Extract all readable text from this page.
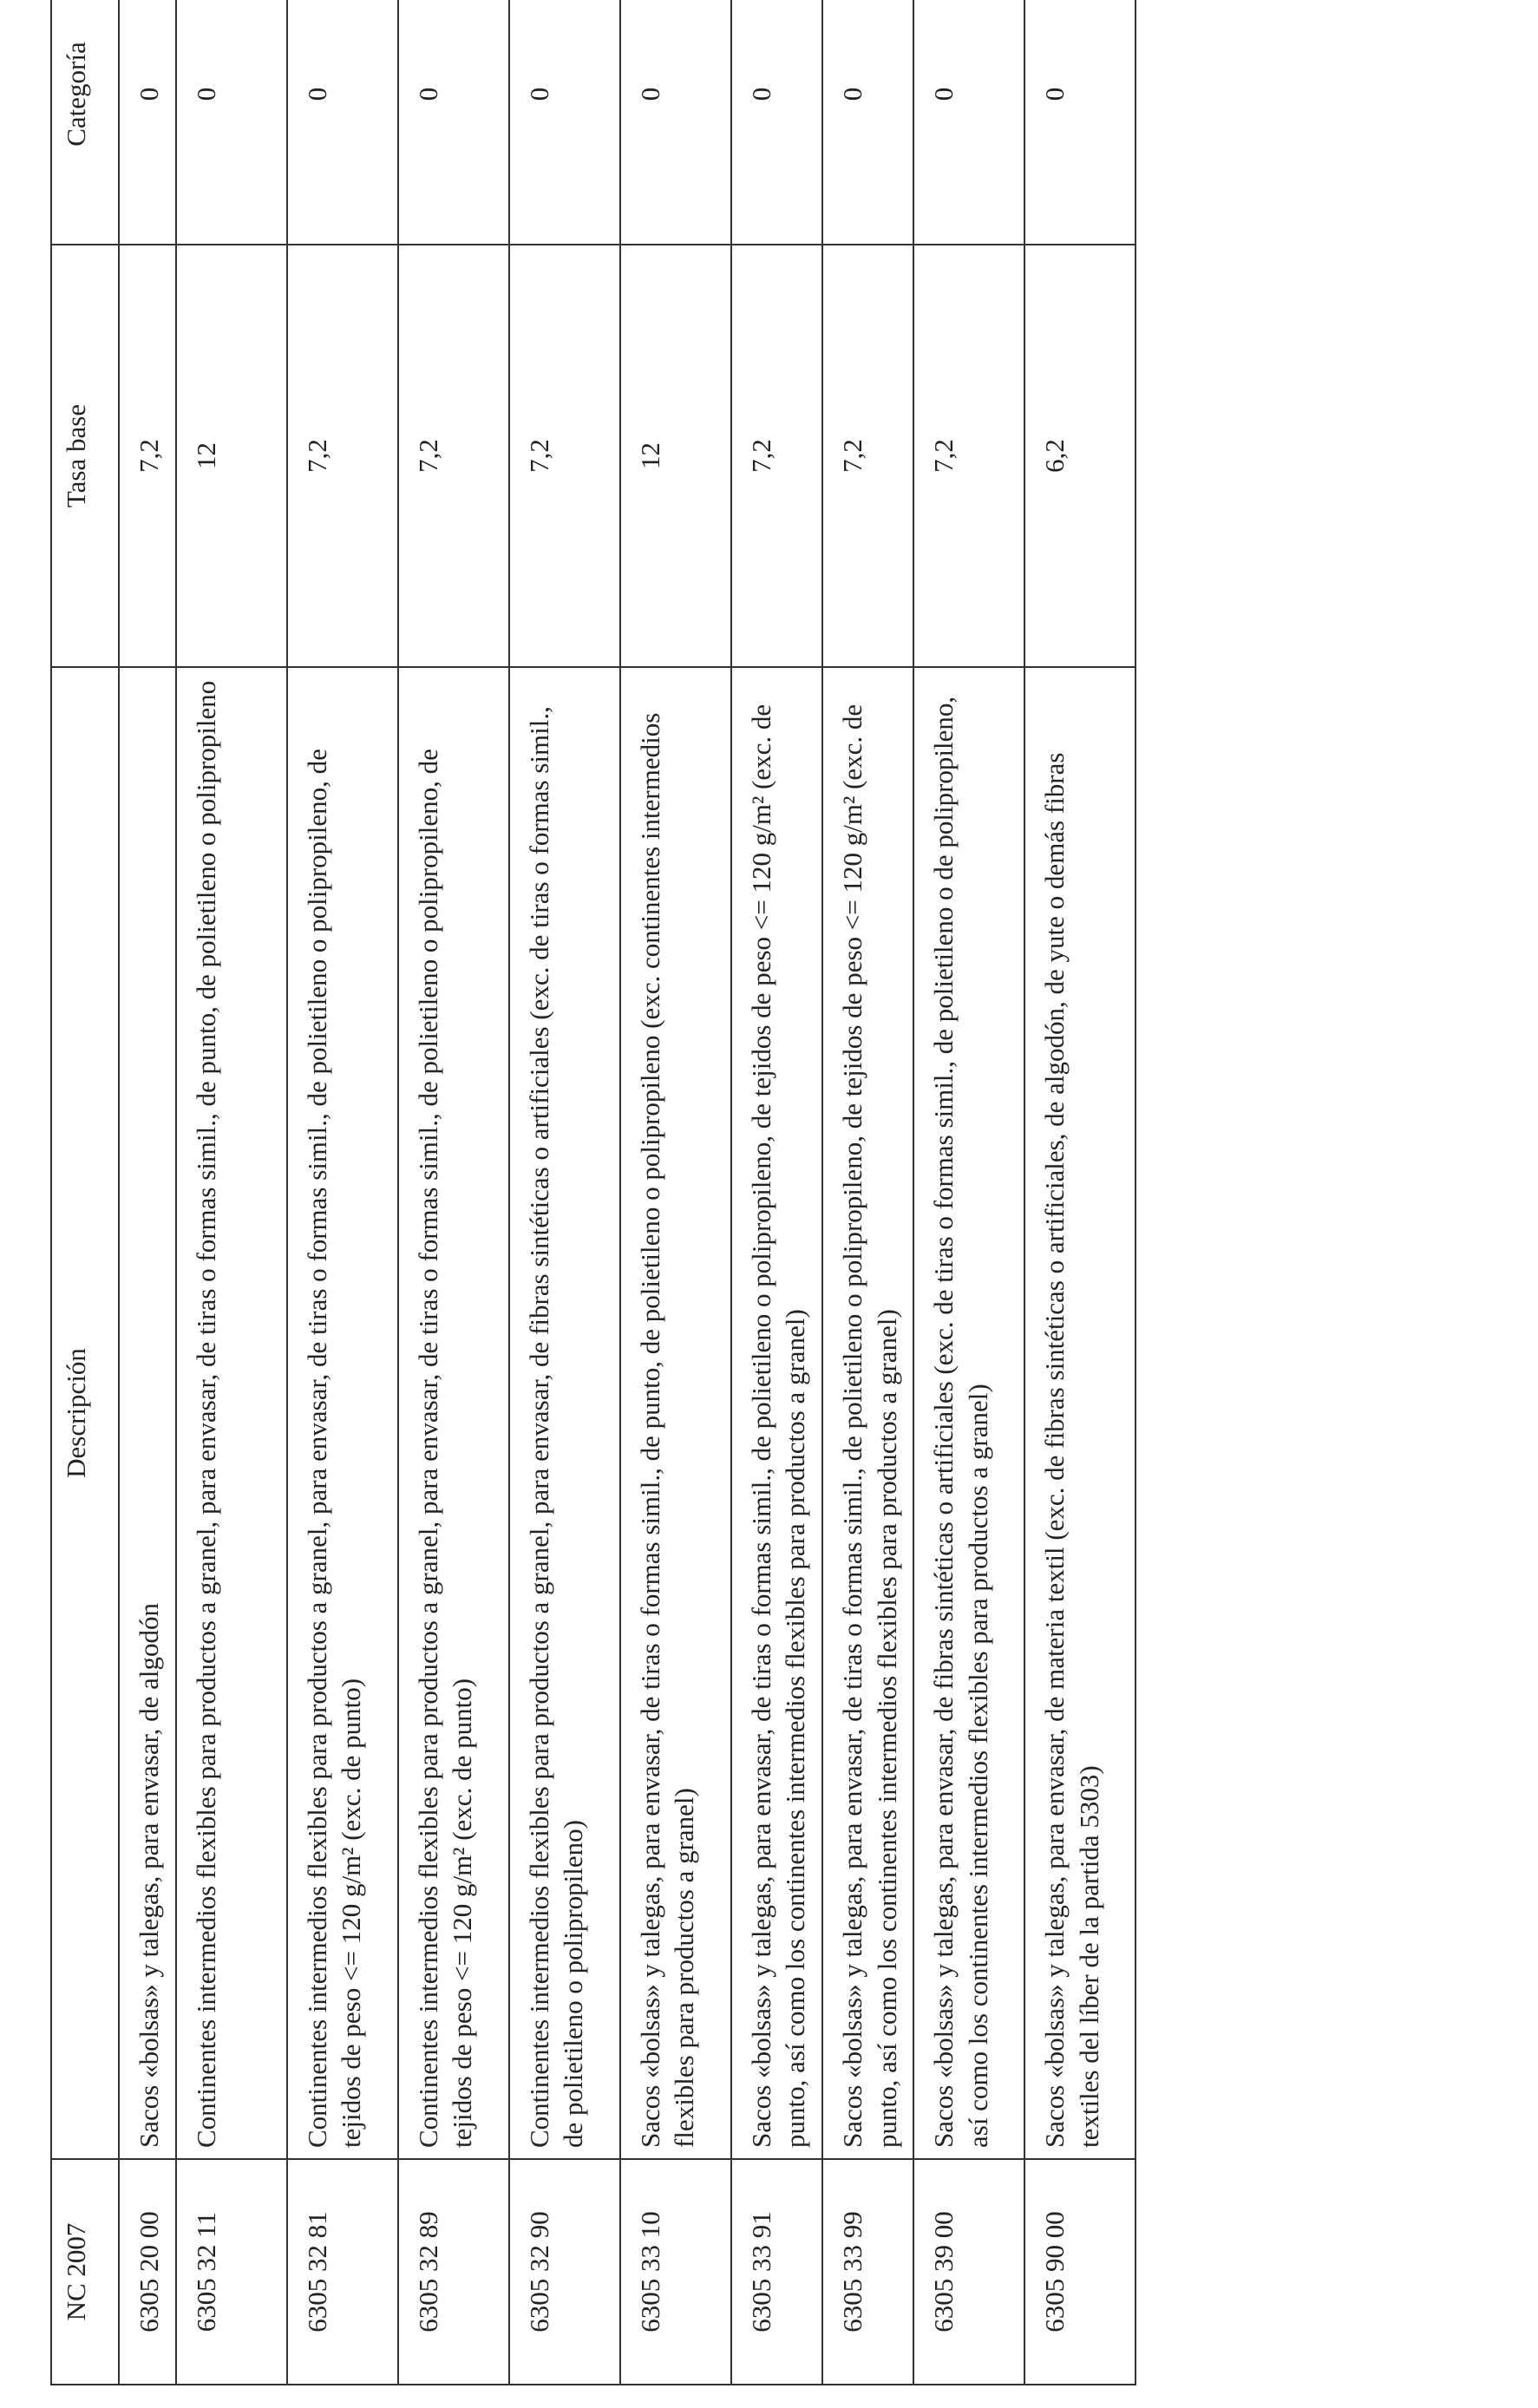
NC 2007	Descripción	Tasa base	Categoría
6305 20 00	Sacos «bolsas» y talegas, para envasar, de algodón	7,2	0
6305 32 11	Continentes intermedios flexibles para productos a granel, para envasar, de tiras o formas simil., de punto, de polietileno o polipropileno	12	0
6305 32 81	Continentes intermedios flexibles para productos a granel, para envasar, de tiras o formas simil., de polietileno o polipropileno, de tejidos de peso <= 120 g/m² (exc. de punto)	7,2	0
6305 32 89	Continentes intermedios flexibles para productos a granel, para envasar, de tiras o formas simil., de polietileno o polipropileno, de tejidos de peso <= 120 g/m² (exc. de punto)	7,2	0
6305 32 90	Continentes intermedios flexibles para productos a granel, para envasar, de fibras sintéticas o artificiales (exc. de tiras o formas simil., de polietileno o polipropileno)	7,2	0
6305 33 10	Sacos «bolsas» y talegas, para envasar, de tiras o formas simil., de punto, de polietileno o polipropileno (exc. continentes intermedios flexibles para productos a granel)	12	0
6305 33 91	Sacos «bolsas» y talegas, para envasar, de tiras o formas simil., de polietileno o polipropileno, de tejidos de peso <= 120 g/m² (exc. de punto, así como los continentes intermedios flexibles para productos a granel)	7,2	0
6305 33 99	Sacos «bolsas» y talegas, para envasar, de tiras o formas simil., de polietileno o polipropileno, de tejidos de peso <= 120 g/m² (exc. de punto, así como los continentes intermedios flexibles para productos a granel)	7,2	0
6305 39 00	Sacos «bolsas» y talegas, para envasar, de fibras sintéticas o artificiales (exc. de tiras o formas simil., de polietileno o de polipropileno, así como los continentes intermedios flexibles para productos a granel)	7,2	0
6305 90 00	Sacos «bolsas» y talegas, para envasar, de materia textil (exc. de fibras sintéticas o artificiales, de algodón, de yute o demás fibras textiles del líber de la partida 5303)	6,2	0
